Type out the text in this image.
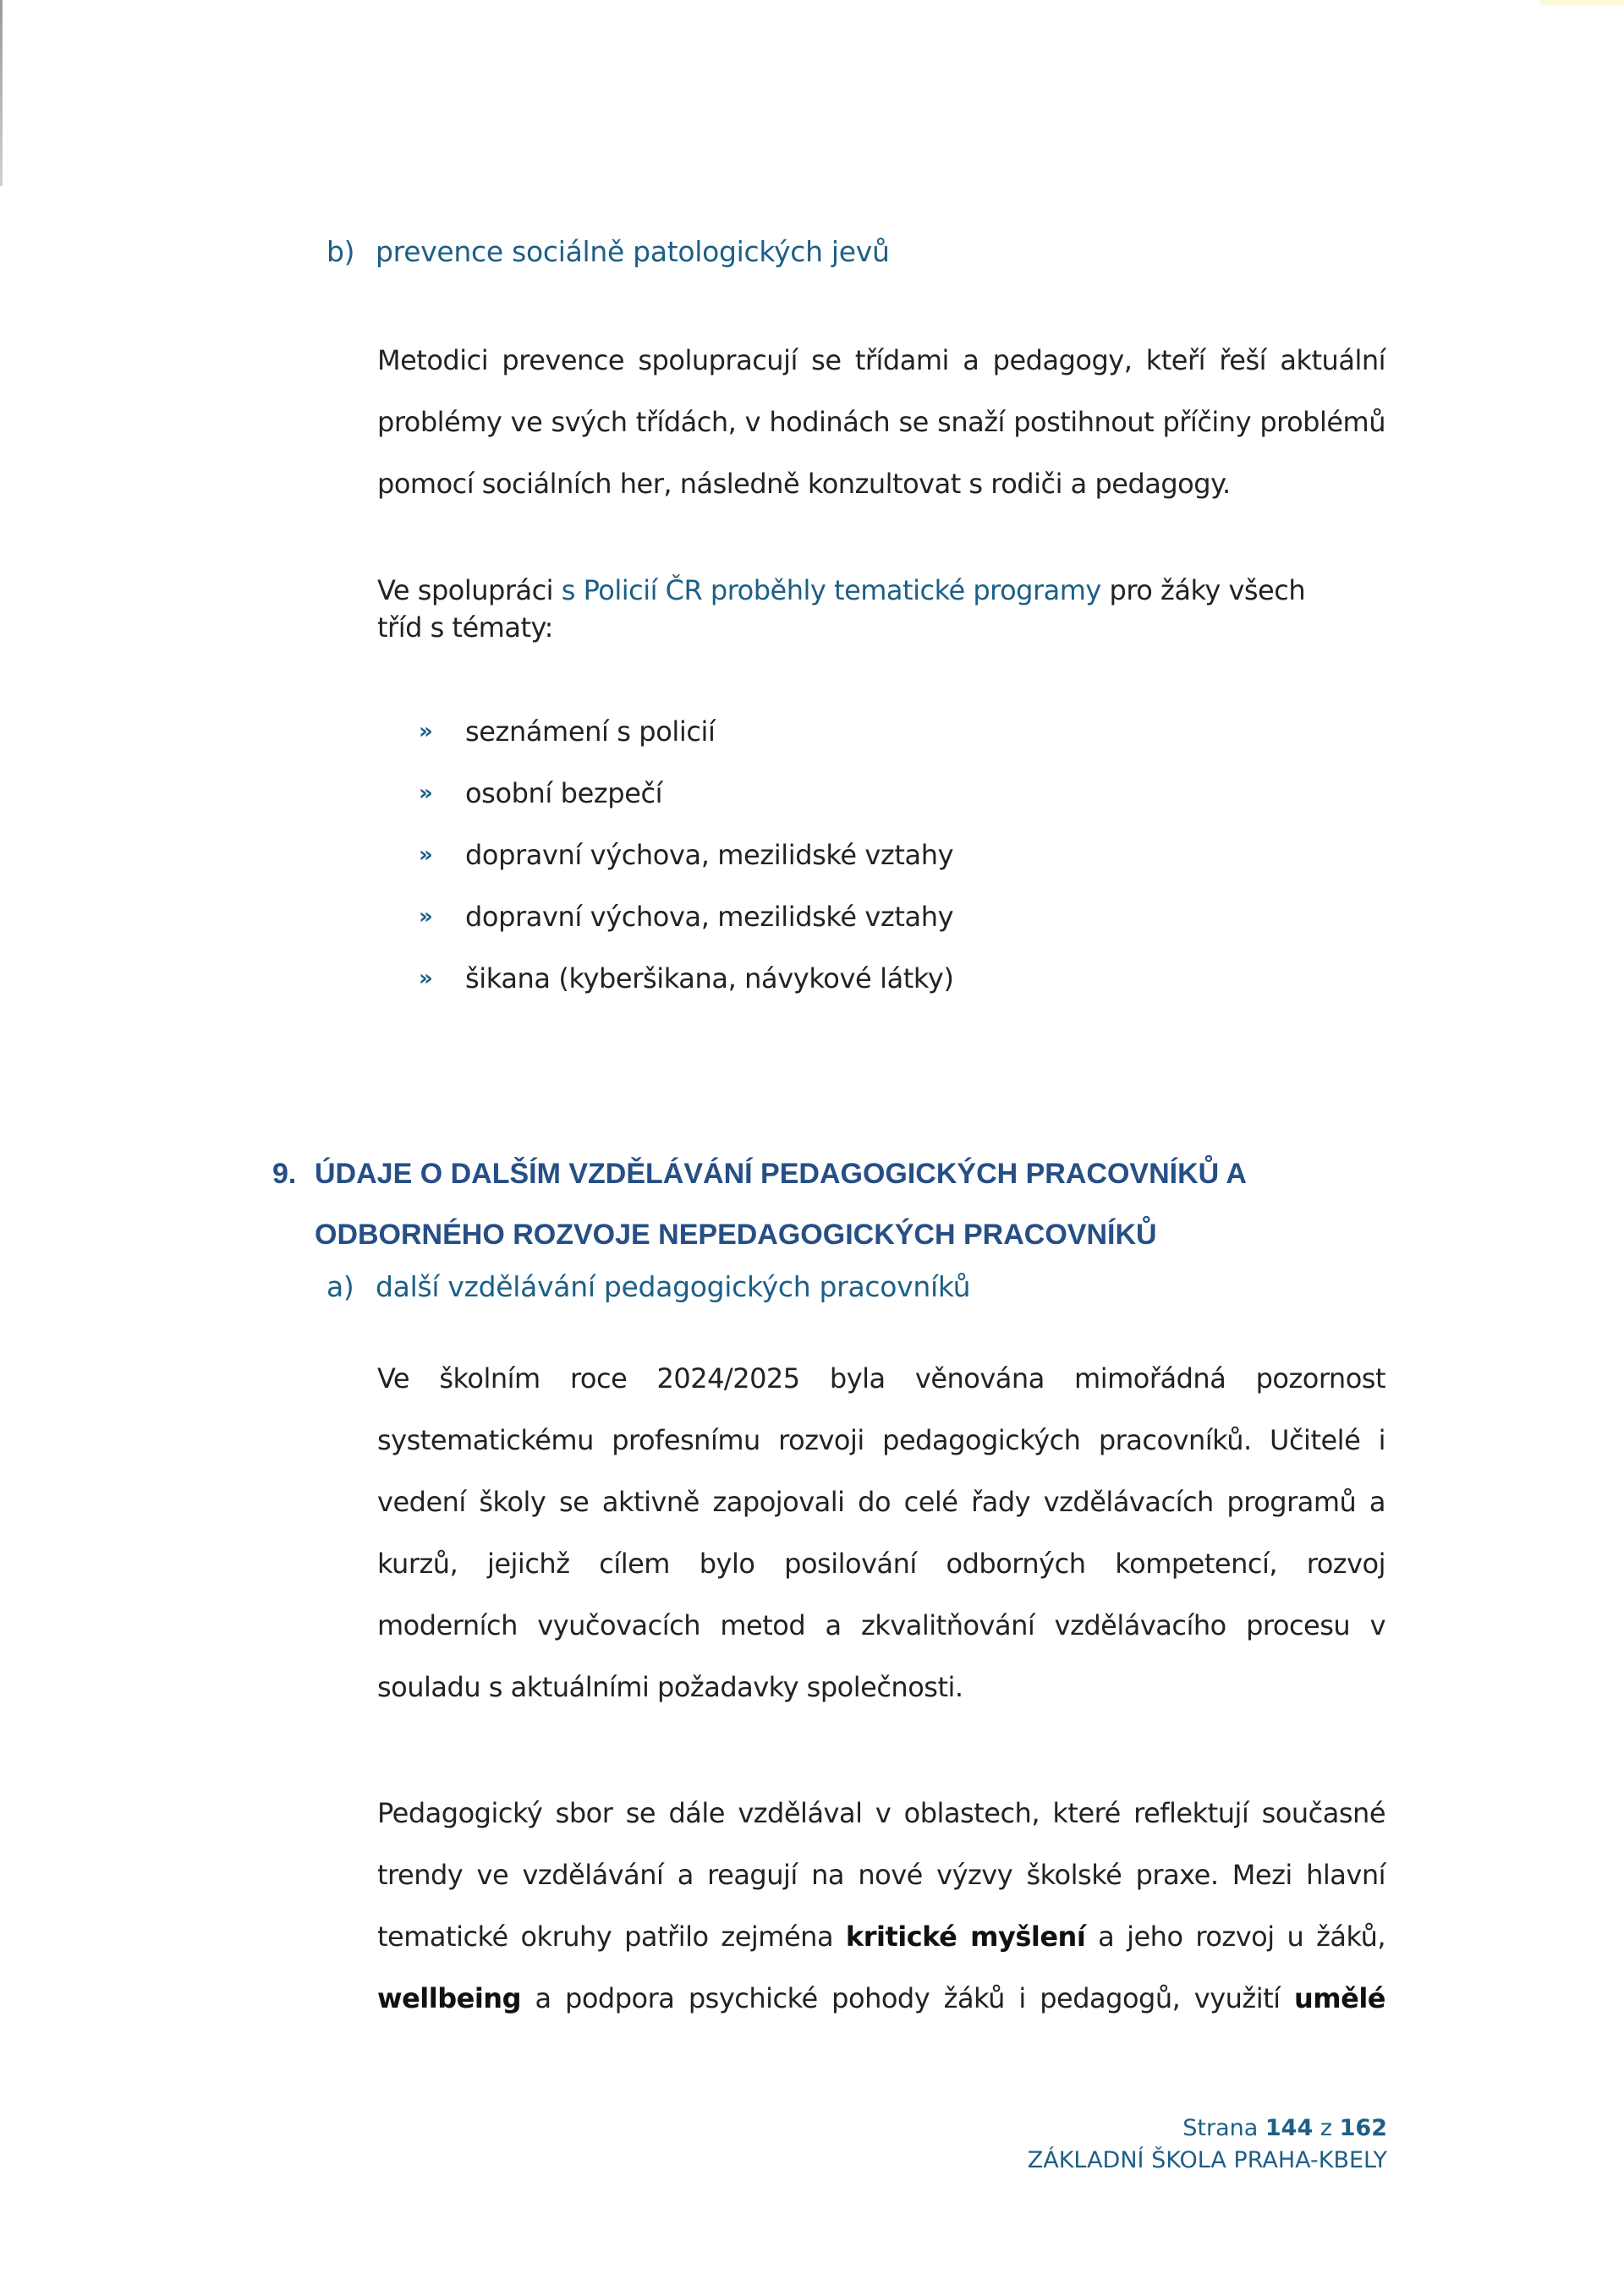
b) prevence sociálně patologických jevů
Metodici prevence spolupracují se třídami a pedagogy, kteří řeší aktuální
problémy ve svých třídách, v hodinách se snaží postihnout příčiny problémů
pomocí sociálních her, následně konzultovat s rodiči a pedagogy.
Ve spolupráci s Policií ČR proběhly tematické programy pro žáky všech
tříd s tématy:
»	seznámení s policií
»	osobní bezpečí
»	dopravní výchova, mezilidské vztahy
»	dopravní výchova, mezilidské vztahy
»	šikana (kyberšikana, návykové látky)
9. ÚDAJE O DALŠÍM VZDĚLÁVÁNÍ PEDAGOGICKÝCH PRACOVNÍKŮ A
ODBORNÉHO ROZVOJE NEPEDAGOGICKÝCH PRACOVNÍKŮ
a) další vzdělávání pedagogických pracovníků
Ve školním roce 2024/2025 byla věnována mimořádná pozornost
systematickému profesnímu rozvoji pedagogických pracovníků. Učitelé i
vedení školy se aktivně zapojovali do celé řady vzdělávacích programů a
kurzů, jejichž cílem bylo posilování odborných kompetencí, rozvoj
moderních vyučovacích metod a zkvalitňování vzdělávacího procesu v
souladu s aktuálními požadavky společnosti.
Pedagogický sbor se dále vzdělával v oblastech, které reflektují současné
trendy ve vzdělávání a reagují na nové výzvy školské praxe. Mezi hlavní
tematické okruhy patřilo zejména kritické myšlení a jeho rozvoj u žáků,
wellbeing a podpora psychické pohody žáků i pedagogů, využití umělé
Strana 144 z 162
ZÁKLADNÍ ŠKOLA PRAHA-KBELY
